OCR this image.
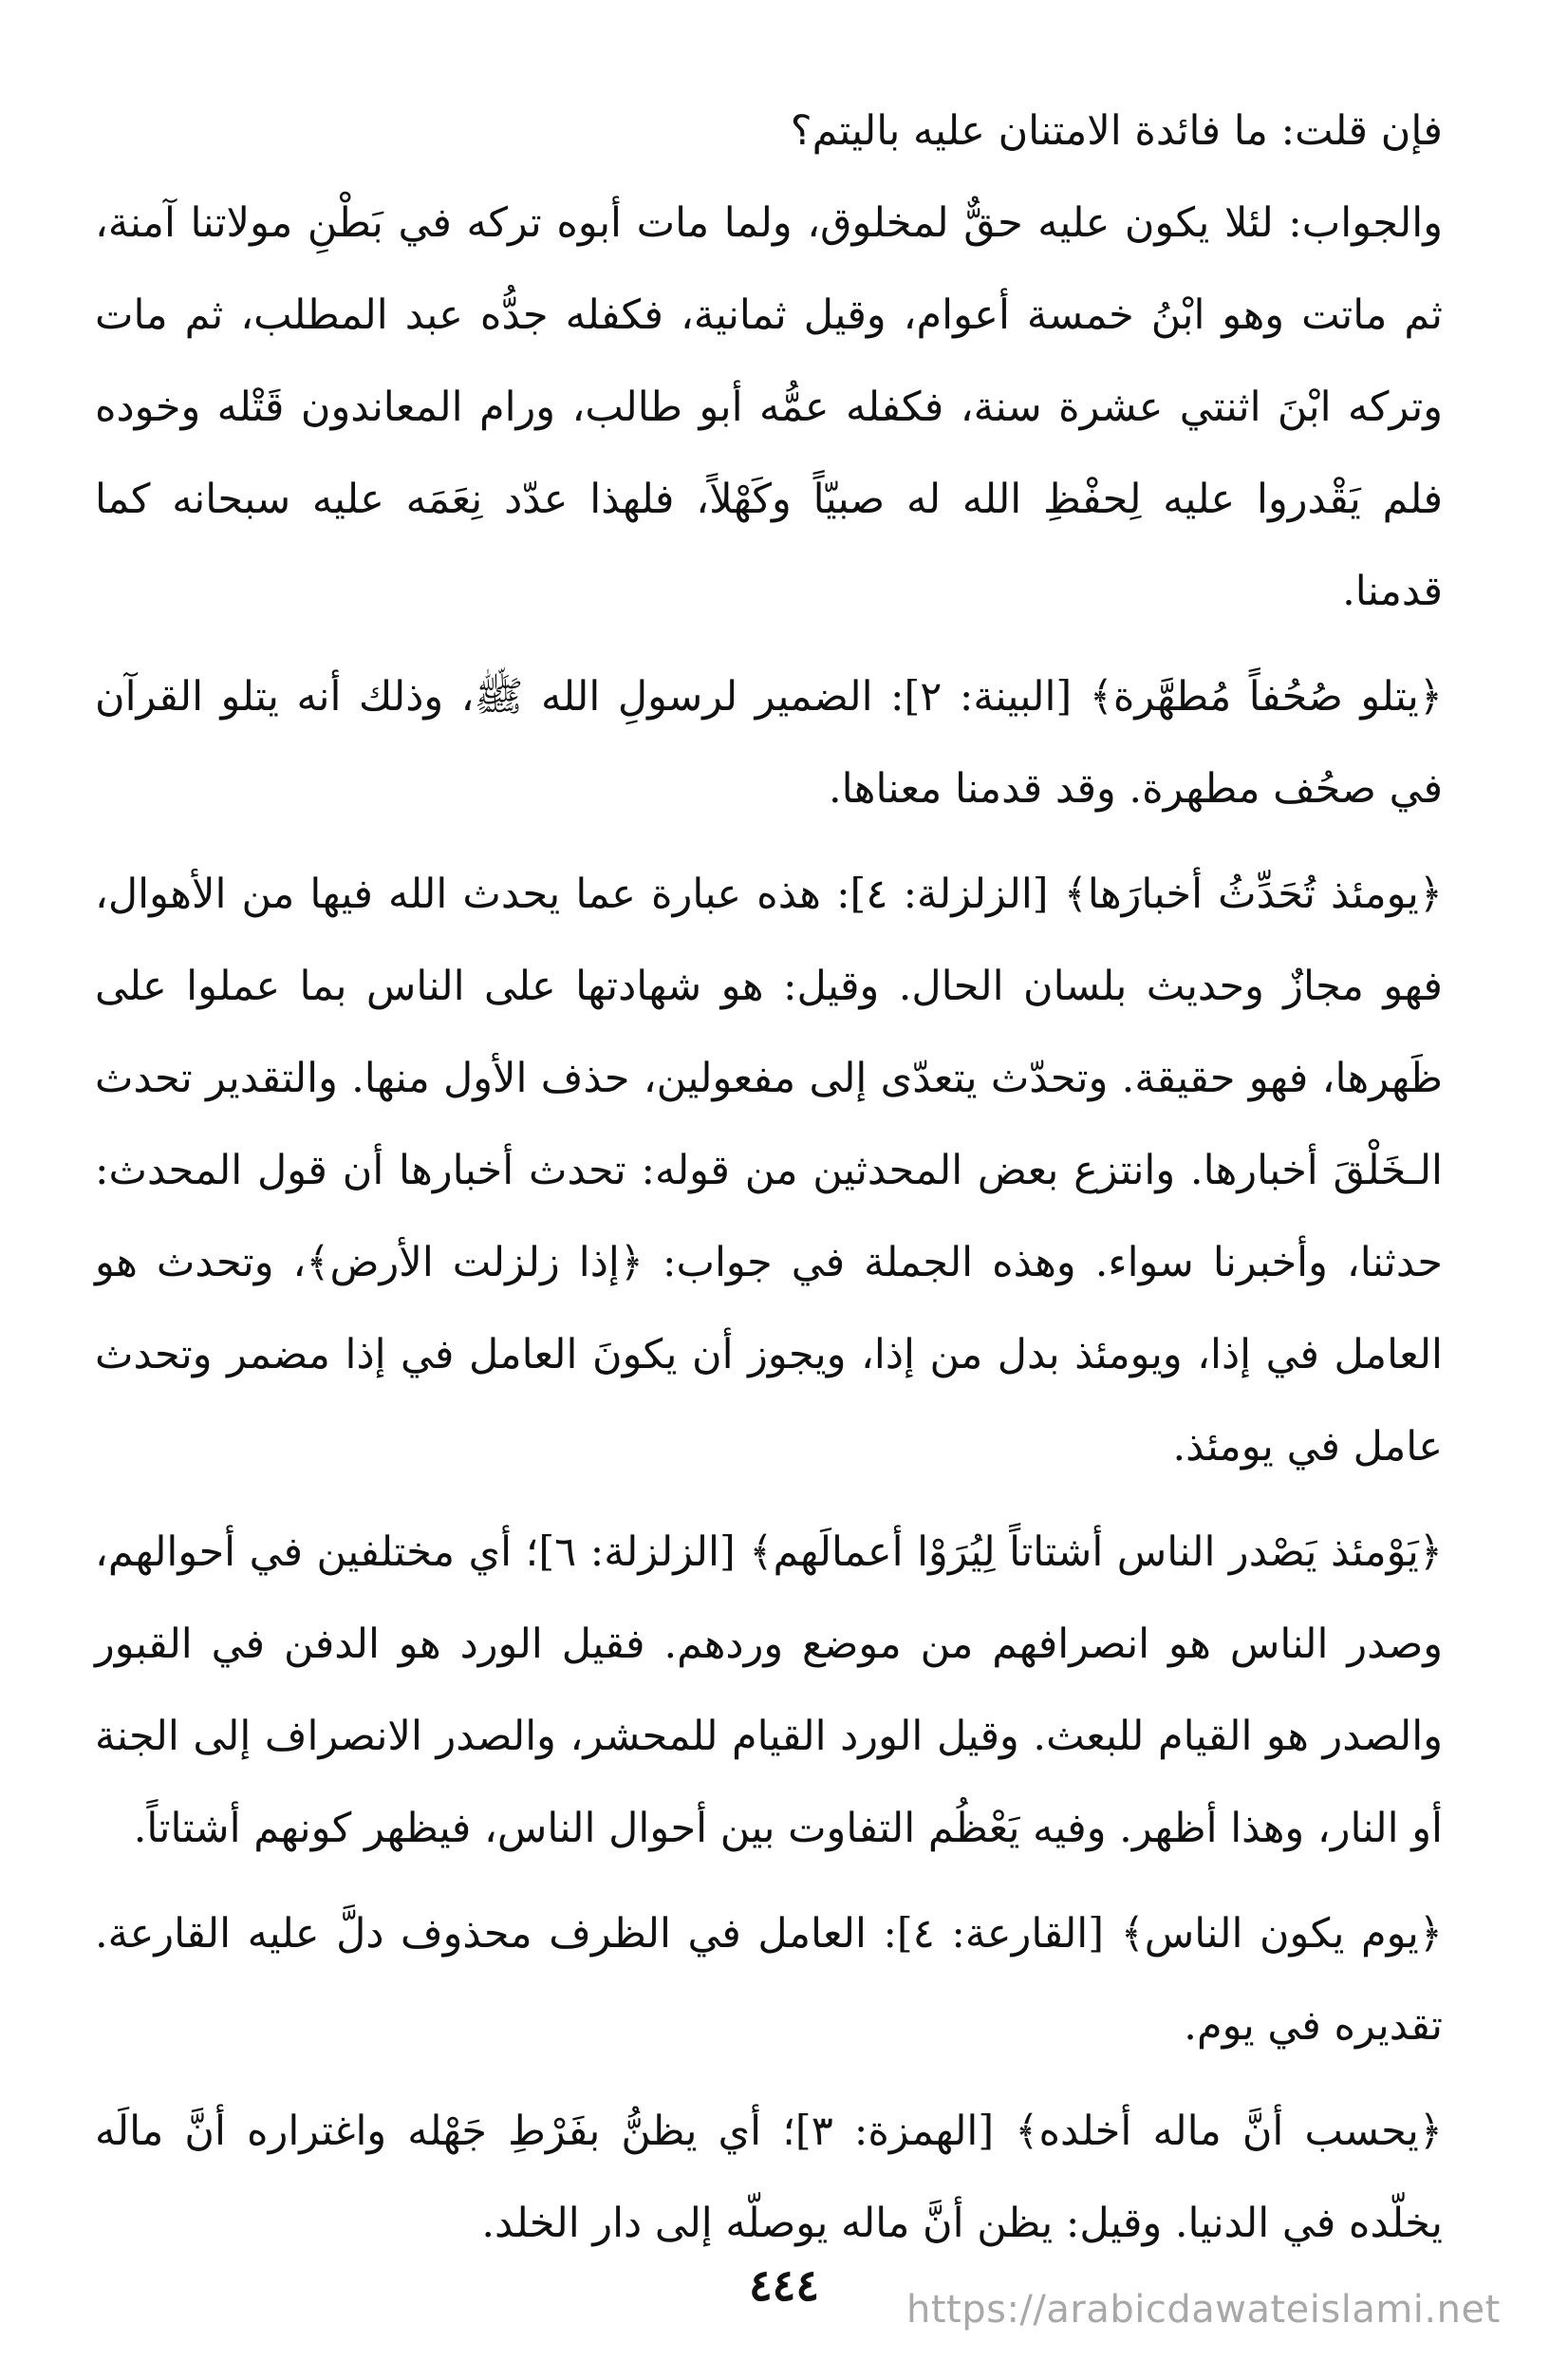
فإن قلت: ما فائدة الامتنان عليه باليتم؟

والجواب: لئلا يكون عليه حقٌّ لمخلوق، ولما مات أبوه تركه في بَطْنِ مولاتنا آمنة، ثم ماتت وهو ابْنُ خمسة أعوام، وقيل ثمانية، فكفله جدُّه عبد المطلب، ثم مات وتركه ابْنَ اثنتي عشرة سنة، فكفله عمُّه أبو طالب، ورام المعاندون قَتْله وخوده فلم يَقْدروا عليه لِحفْظِ الله له صبيّاً وكَهْلاً، فلهذا عدّد نِعَمَه عليه سبحانه كما قدمنا.

﴿يتلو صُحُفاً مُطهَّرة﴾ [البينة: ٢]: الضمير لرسولِ الله ﷺ، وذلك أنه يتلو القرآن في صحُف مطهرة. وقد قدمنا معناها.

﴿يومئذ تُحَدِّثُ أخبارَها﴾ [الزلزلة: ٤]: هذه عبارة عما يحدث الله فيها من الأهوال، فهو مجازٌ وحديث بلسان الحال. وقيل: هو شهادتها على الناس بما عملوا على ظَهرها، فهو حقيقة. وتحدّث يتعدّى إلى مفعولين، حذف الأول منها. والتقدير تحدث الـخَلْقَ أخبارها. وانتزع بعض المحدثين من قوله: تحدث أخبارها أن قول المحدث: حدثنا، وأخبرنا سواء. وهذه الجملة في جواب: ﴿إذا زلزلت الأرض﴾، وتحدث هو العامل في إذا، ويومئذ بدل من إذا، ويجوز أن يكونَ العامل في إذا مضمر وتحدث عامل في يومئذ.

﴿يَوْمئذ يَصْدر الناس أشتاتاً لِيُرَوْا أعمالَهم﴾ [الزلزلة: ٦]؛ أي مختلفين في أحوالهم، وصدر الناس هو انصرافهم من موضع وردهم. فقيل الورد هو الدفن في القبور والصدر هو القيام للبعث. وقيل الورد القيام للمحشر، والصدر الانصراف إلى الجنة أو النار، وهذا أظهر. وفيه يَعْظُم التفاوت بين أحوال الناس، فيظهر كونهم أشتاتاً.

﴿يوم يكون الناس﴾ [القارعة: ٤]: العامل في الظرف محذوف دلَّ عليه القارعة. تقديره في يوم.

﴿يحسب أنَّ ماله أخلده﴾ [الهمزة: ٣]؛ أي يظنُّ بفَرْطِ جَهْله واغتراره أنَّ مالَه يخلّده في الدنيا. وقيل: يظن أنَّ ماله يوصلّه إلى دار الخلد.

٤٤٤	https://arabicdawateislami.net
